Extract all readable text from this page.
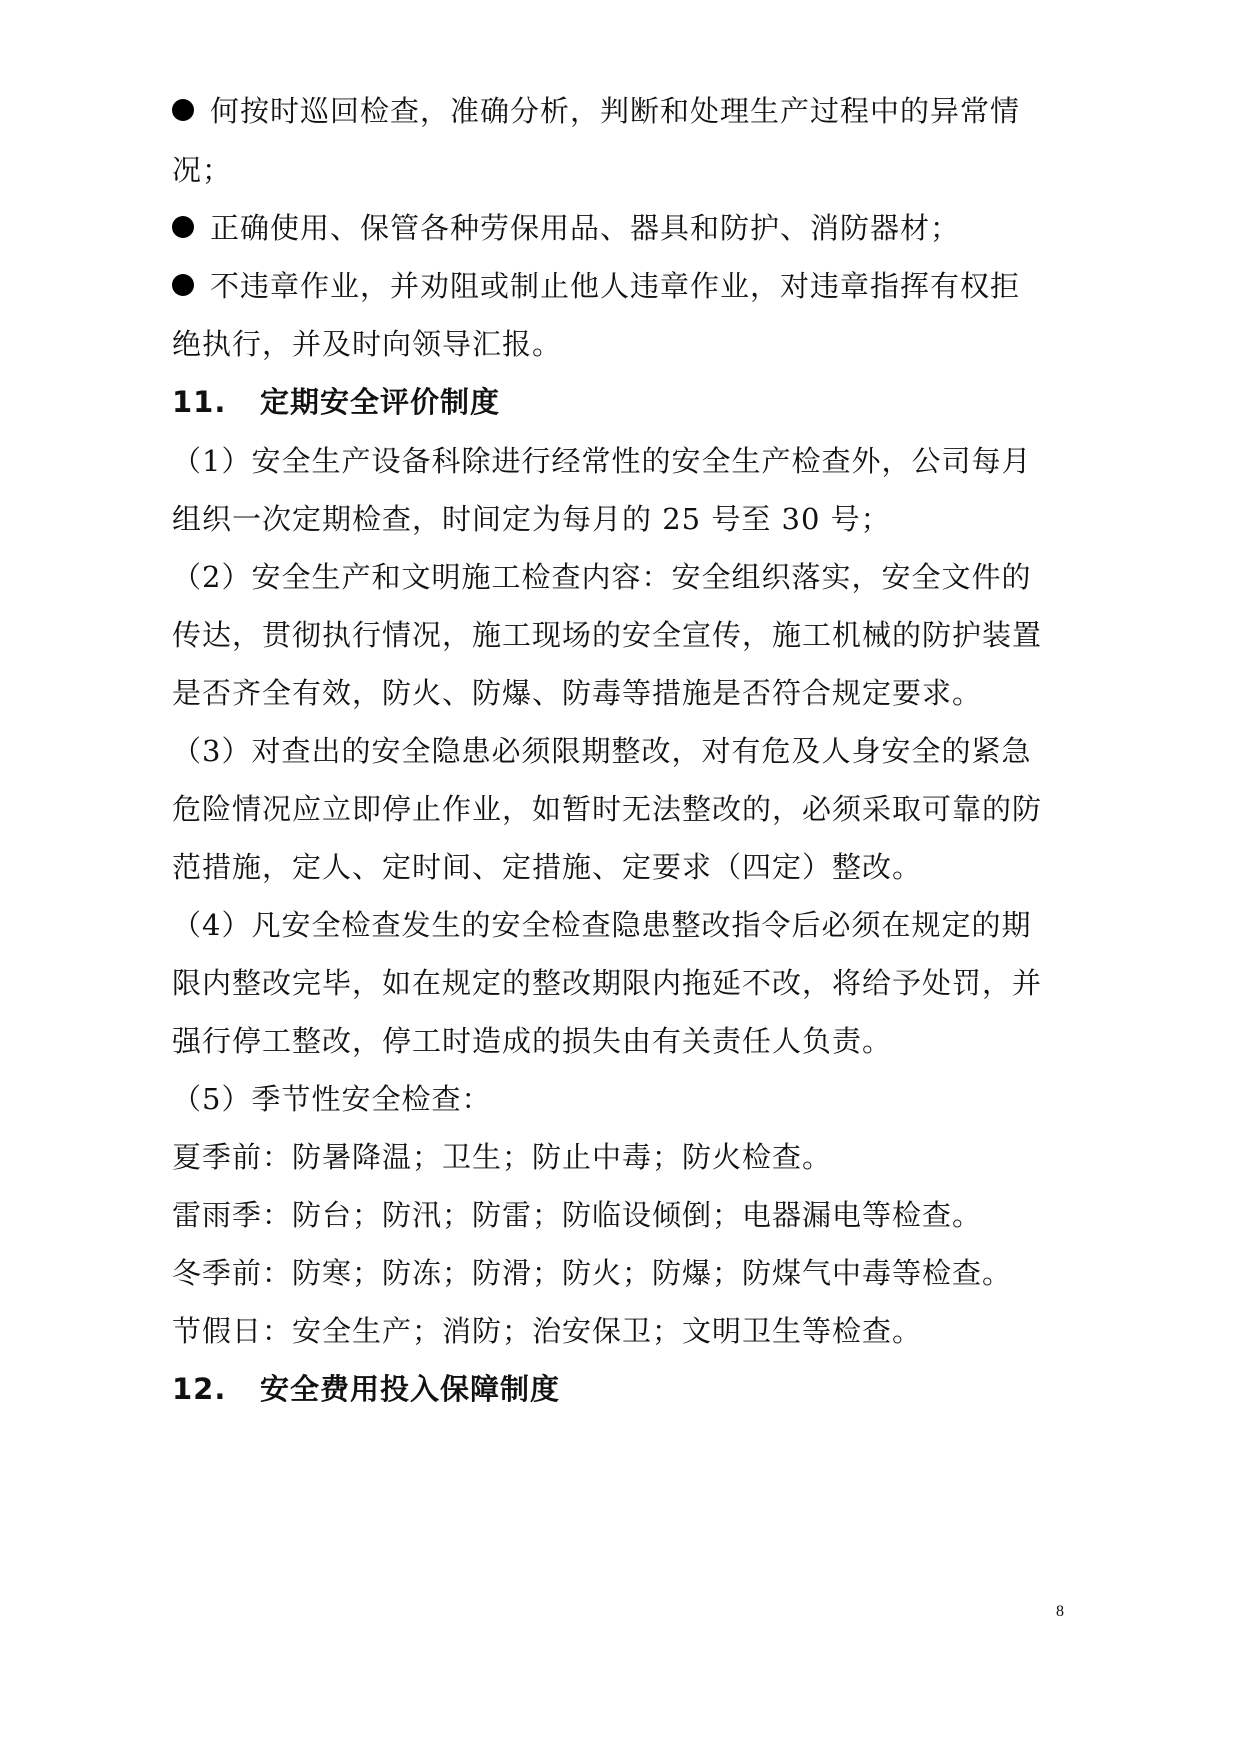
何按时巡回检查，准确分析，判断和处理生产过程中的异常情
况；
正确使用、保管各种劳保用品、器具和防护、消防器材；
不违章作业，并劝阻或制止他人违章作业，对违章指挥有权拒
绝执行，并及时向领导汇报。
11. 定期安全评价制度
（1）安全生产设备科除进行经常性的安全生产检查外，公司每月
组织一次定期检查，时间定为每月的 25 号至 30 号；
（2）安全生产和文明施工检查内容：安全组织落实，安全文件的
传达，贯彻执行情况，施工现场的安全宣传，施工机械的防护装置
是否齐全有效，防火、防爆、防毒等措施是否符合规定要求。
（3）对查出的安全隐患必须限期整改，对有危及人身安全的紧急
危险情况应立即停止作业，如暂时无法整改的，必须采取可靠的防
范措施，定人、定时间、定措施、定要求（四定）整改。
（4）凡安全检查发生的安全检查隐患整改指令后必须在规定的期
限内整改完毕，如在规定的整改期限内拖延不改，将给予处罚，并
强行停工整改，停工时造成的损失由有关责任人负责。
（5）季节性安全检查：
夏季前：防暑降温；卫生；防止中毒；防火检查。
雷雨季：防台；防汛；防雷；防临设倾倒；电器漏电等检查。
冬季前：防寒；防冻；防滑；防火；防爆；防煤气中毒等检查。
节假日：安全生产；消防；治安保卫；文明卫生等检查。
12. 安全费用投入保障制度
8
